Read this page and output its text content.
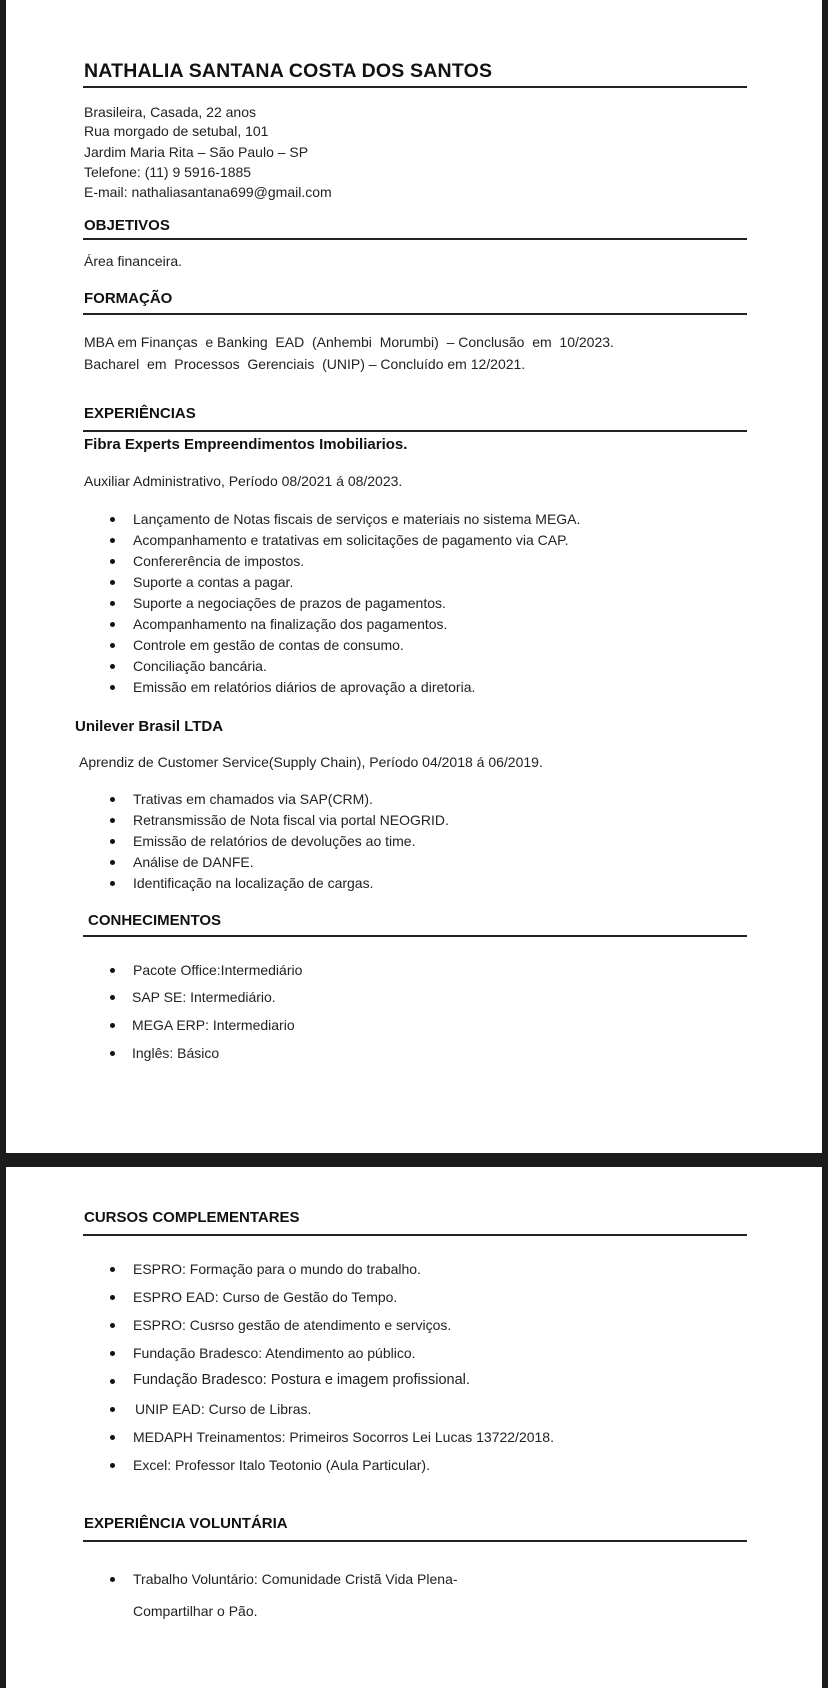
NATHALIA SANTANA COSTA DOS SANTOS
Brasileira, Casada, 22 anos
Rua morgado de setubal, 101
Jardim Maria Rita – São Paulo – SP
Telefone: (11) 9 5916-1885
E-mail: nathaliasantana699@gmail.com
OBJETIVOS
Área financeira.
FORMAÇÃO
MBA em Finanças  e Banking  EAD  (Anhembi  Morumbi)  – Conclusão  em  10/2023.
Bacharel  em  Processos  Gerenciais  (UNIP) – Concluído em 12/2021.
EXPERIÊNCIAS
Fibra Experts Empreendimentos Imobiliarios.
Auxiliar Administrativo, Período 08/2021 á 08/2023.
Lançamento de Notas fiscais de serviços e materiais no sistema MEGA.
Acompanhamento e tratativas em solicitações de pagamento via CAP.
Confererência de impostos.
Suporte a contas a pagar.
Suporte a negociações de prazos de pagamentos.
Acompanhamento na finalização dos pagamentos.
Controle em gestão de contas de consumo.
Conciliação bancária.
Emissão em relatórios diários de aprovação a diretoria.
Unilever Brasil LTDA
Aprendiz de Customer Service(Supply Chain), Período 04/2018 á 06/2019.
Trativas em chamados via SAP(CRM).
Retransmissão de Nota fiscal via portal NEOGRID.
Emissão de relatórios de devoluções ao time.
Análise de DANFE.
Identificação na localização de cargas.
CONHECIMENTOS
Pacote Office:Intermediário
SAP SE: Intermediário.
MEGA ERP: Intermediario
Inglês: Básico
CURSOS COMPLEMENTARES
ESPRO: Formação para o mundo do trabalho.
ESPRO EAD: Curso de Gestão do Tempo.
ESPRO: Cusrso gestão de atendimento e serviços.
Fundação Bradesco: Atendimento ao público.
Fundação Bradesco: Postura e imagem profissional.
UNIP EAD: Curso de Libras.
MEDAPH Treinamentos: Primeiros Socorros Lei Lucas 13722/2018.
Excel: Professor Italo Teotonio (Aula Particular).
EXPERIÊNCIA VOLUNTÁRIA
Trabalho Voluntário: Comunidade Cristã Vida Plena-
Compartilhar o Pão.
